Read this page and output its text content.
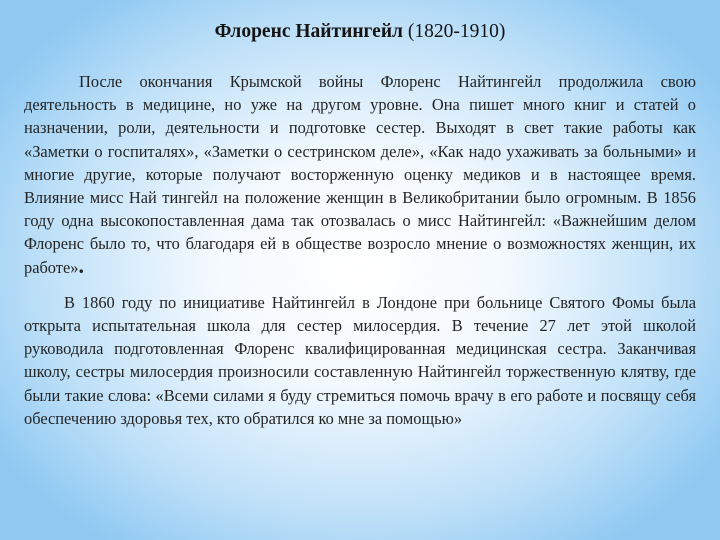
Флоренс Найтингейл (1820-1910)

После окончания Крымской войны Флоренс Найтингейл продолжила свою деятельность в медицине, но уже на другом уровне. Она пишет много книг и статей о назначении, роли, деятельности и подготовке сестер. Выходят в свет такие работы как «Заметки о госпиталях», «Заметки о сестринском деле», «Как надо ухаживать за больными» и многие другие, которые получают восторженную оценку медиков и в настоящее время. Влияние мисс Най тингейл на положение женщин в Великобритании было огромным. В 1856 году одна высокопоставленная дама так отозвалась о мисс Найтингейл: «Важнейшим делом Флоренс было то, что благодаря ей в обществе возросло мнение о возможностях женщин, их работе».

В 1860 году по инициативе Найтингейл в Лондоне при больнице Святого Фомы была открыта испытательная школа для сестер милосердия. В течение 27 лет этой школой руководила подготовленная Флоренс квалифицированная медицинская сестра. Заканчивая школу, сестры милосердия произносили составленную Найтингейл торжественную клятву, где были такие слова: «Всеми силами я буду стремиться помочь врачу в его работе и посвящу себя обеспечению здоровья тех, кто обратился ко мне за помощью»
